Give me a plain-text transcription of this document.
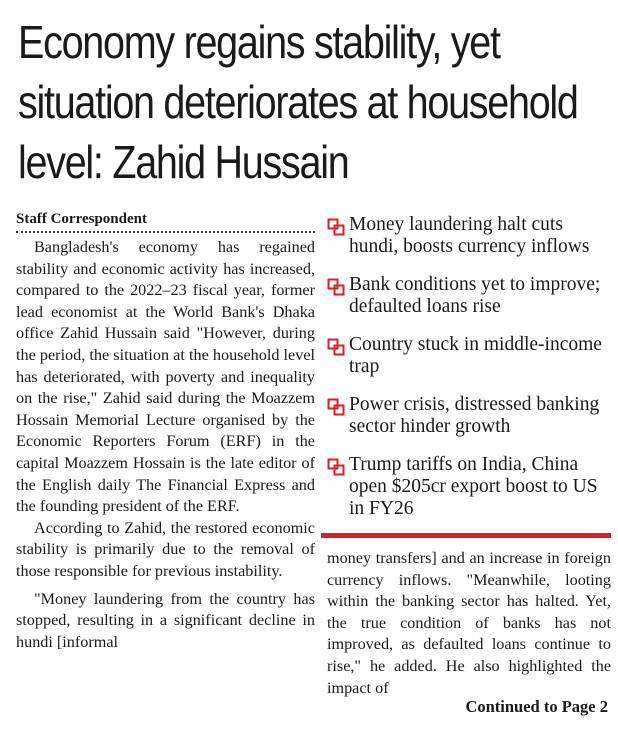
Economy regains stability, yet situation deteriorates at household level: Zahid Hussain
Staff Correspondent

Bangladesh's economy has regained stability and economic activity has increased, compared to the 2022–23 fiscal year, former lead economist at the World Bank's Dhaka office Zahid Hussain said "However, during the period, the situation at the household level has deteriorated, with poverty and inequality on the rise," Zahid said during the Moazzem Hossain Memorial Lecture organised by the Economic Reporters Forum (ERF) in the capital Moazzem Hossain is the late editor of the English daily The Financial Express and the founding president of the ERF.

According to Zahid, the restored economic stability is primarily due to the removal of those responsible for previous instability.

"Money laundering from the country has stopped, resulting in a significant decline in hundi [informal

Money laundering halt cuts hundi, boosts currency inflows
Bank conditions yet to improve; defaulted loans rise
Country stuck in middle-income trap
Power crisis, distressed banking sector hinder growth
Trump tariffs on India, China open $205cr export boost to US in FY26

money transfers] and an increase in foreign currency inflows. "Meanwhile, looting within the banking sector has halted. Yet, the true condition of banks has not improved, as defaulted loans continue to rise," he added. He also highlighted the impact of

Continued to Page 2
